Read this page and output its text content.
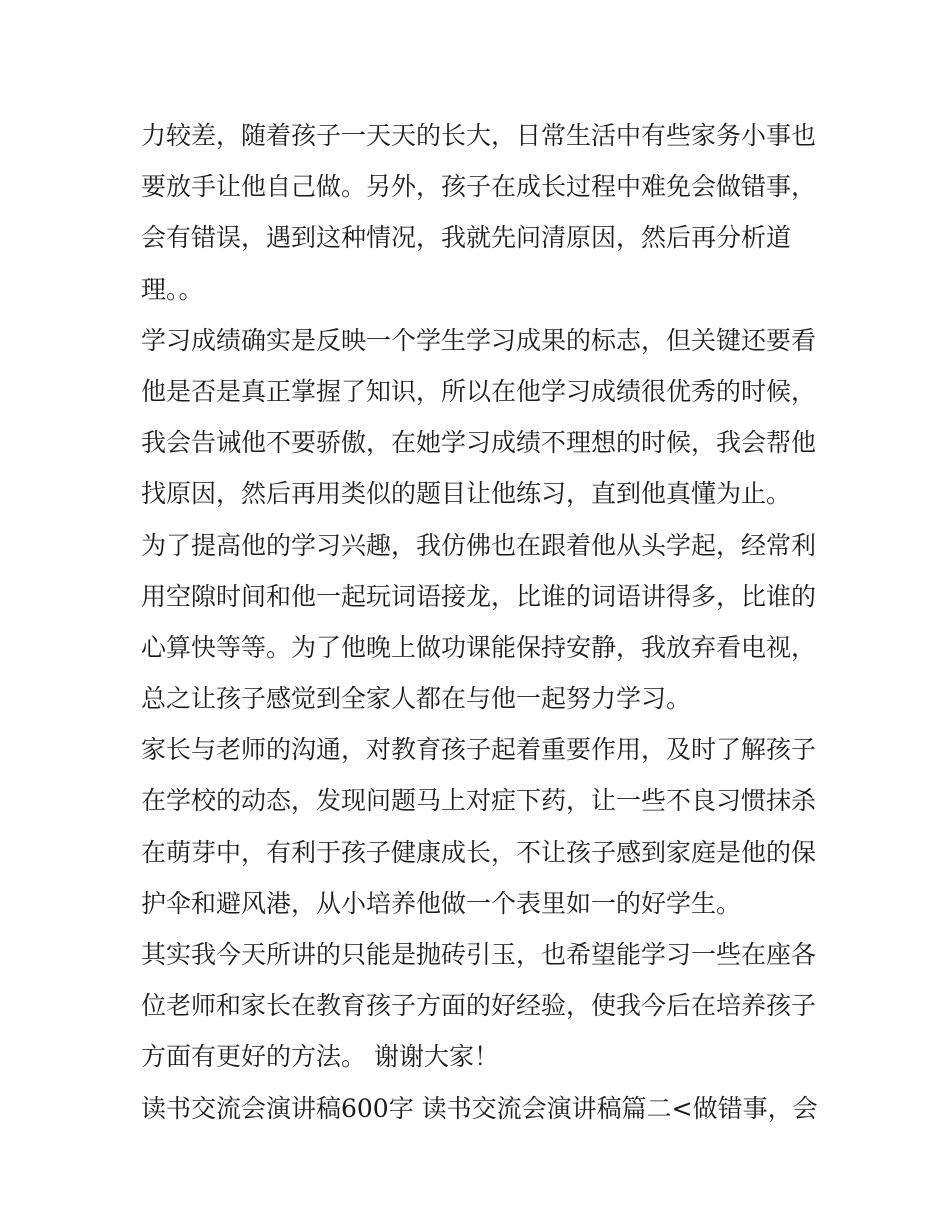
力较差，随着孩子一天天的长大，日常生活中有些家务小事也
要放手让他自己做。另外，孩子在成长过程中难免会做错事，
会有错误，遇到这种情况，我就先问清原因，然后再分析道
理。。
学习成绩确实是反映一个学生学习成果的标志，但关键还要看
他是否是真正掌握了知识，所以在他学习成绩很优秀的时候，
我会告诫他不要骄傲，在她学习成绩不理想的时候，我会帮他
找原因，然后再用类似的题目让他练习，直到他真懂为止。
为了提高他的学习兴趣，我仿佛也在跟着他从头学起，经常利
用空隙时间和他一起玩词语接龙，比谁的词语讲得多，比谁的
心算快等等。为了他晚上做功课能保持安静，我放弃看电视，
总之让孩子感觉到全家人都在与他一起努力学习。
家长与老师的沟通，对教育孩子起着重要作用，及时了解孩子
在学校的动态，发现问题马上对症下药，让一些不良习惯抹杀
在萌芽中，有利于孩子健康成长，不让孩子感到家庭是他的保
护伞和避风港，从小培养他做一个表里如一的好学生。
其实我今天所讲的只能是抛砖引玉，也希望能学习一些在座各
位老师和家长在教育孩子方面的好经验，使我今后在培养孩子
方面有更好的方法。 谢谢大家！
读书交流会演讲稿600字 读书交流会演讲稿篇二<做错事，会
